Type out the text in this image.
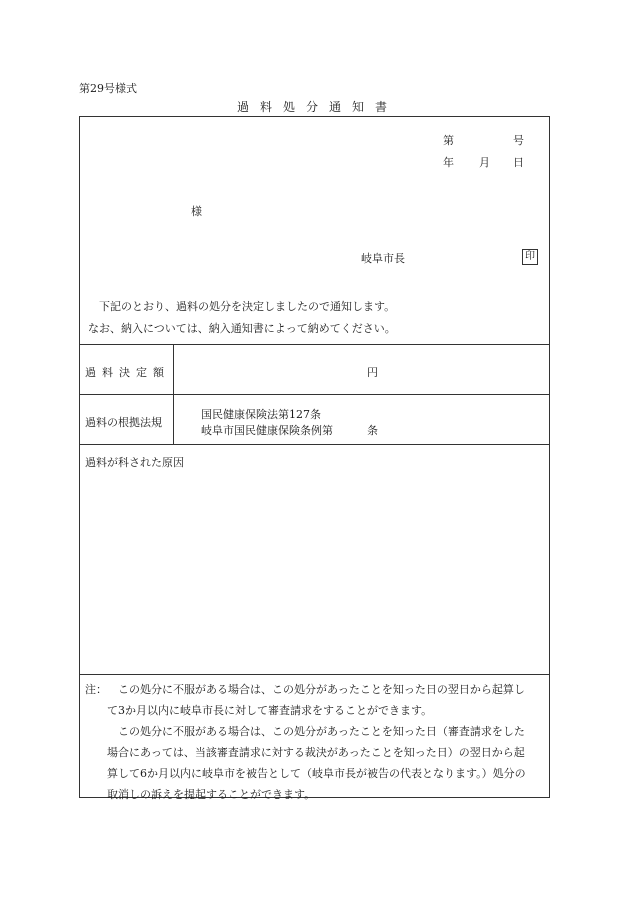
第29号様式
過料処分通知書
第	号
年 月 日
様
岐阜市長	印
下記のとおり、過料の処分を決定しましたので通知します。
なお、納入については、納入通知書によって納めてください。
過料決定額	円
過料の根拠法規
国民健康保険法第127条
岐阜市国民健康保険条例第	条
過料が科された原因
注： この処分に不服がある場合は、この処分があったことを知った日の翌日から起算し
て3か月以内に岐阜市長に対して審査請求をすることができます。
この処分に不服がある場合は、この処分があったことを知った日（審査請求をした
場合にあっては、当該審査請求に対する裁決があったことを知った日）の翌日から起
算して6か月以内に岐阜市を被告として（岐阜市長が被告の代表となります。）処分の
取消しの訴えを提起することができます。
